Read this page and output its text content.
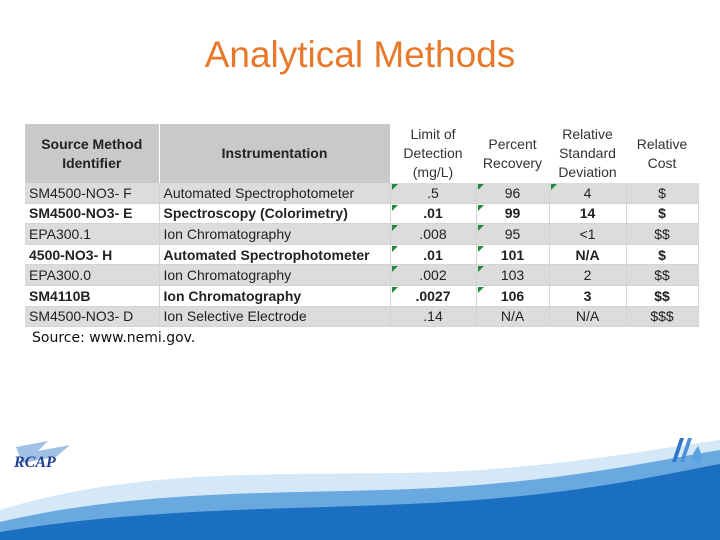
Analytical Methods
Source Method Identifier	Instrumentation	Limit of Detection (mg/L)	Percent Recovery	Relative Standard Deviation	Relative Cost
SM4500-NO3- F	Automated Spectrophotometer	.5	96	4	$
SM4500-NO3- E	Spectroscopy (Colorimetry)	.01	99	14	$
EPA300.1	Ion Chromatography	.008	95	<1	$$
4500-NO3- H	Automated Spectrophotometer	.01	101	N/A	$
EPA300.0	Ion Chromatography	.002	103	2	$$
SM4110B	Ion Chromatography	.0027	106	3	$$
SM4500-NO3- D	Ion Selective Electrode	.14	N/A	N/A	$$$
Source: www.nemi.gov.
RCAP
